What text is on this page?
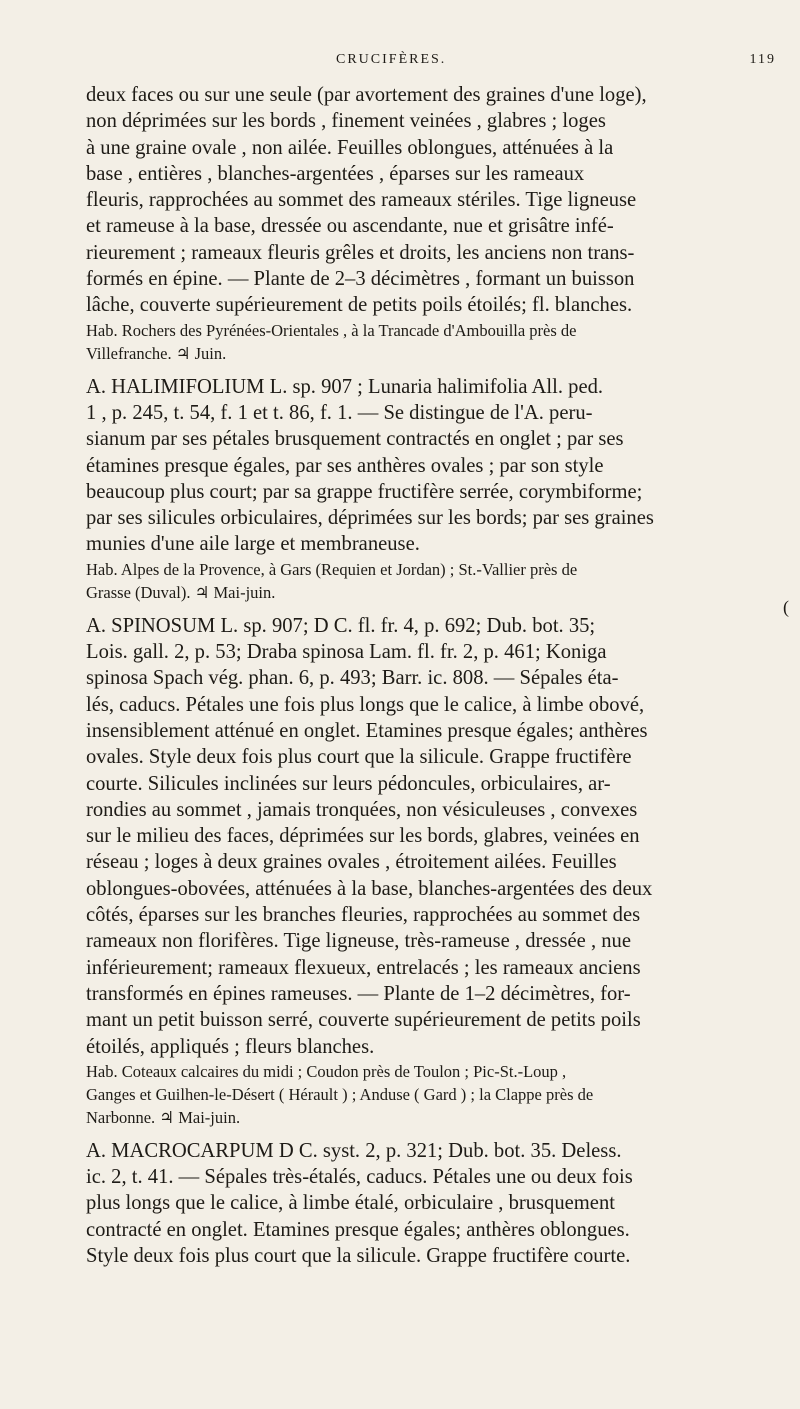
CRUCIFÈRES.	119
(
deux faces ou sur une seule (par avortement des graines d'une loge),
non déprimées sur les bords , finement veinées , glabres ; loges
à une graine ovale , non ailée. Feuilles oblongues, atténuées à la
base , entières , blanches-argentées , éparses sur les rameaux
fleuris, rapprochées au sommet des rameaux stériles. Tige ligneuse
et rameuse à la base, dressée ou ascendante, nue et grisâtre infé-
rieurement ; rameaux fleuris grêles et droits, les anciens non trans-
formés en épine. — Plante de 2–3 décimètres , formant un buisson
lâche, couverte supérieurement de petits poils étoilés; fl. blanches.
Hab. Rochers des Pyrénées-Orientales , à la Trancade d'Ambouilla près de
Villefranche. ♃ Juin.
A. HALIMIFOLIUM L. sp. 907 ; Lunaria halimifolia All. ped.
1 , p. 245, t. 54, f. 1 et t. 86, f. 1. — Se distingue de l'A. peru-
sianum par ses pétales brusquement contractés en onglet ; par ses
étamines presque égales, par ses anthères ovales ; par son style
beaucoup plus court; par sa grappe fructifère serrée, corymbiforme;
par ses silicules orbiculaires, déprimées sur les bords; par ses graines
munies d'une aile large et membraneuse.
Hab. Alpes de la Provence, à Gars (Requien et Jordan) ; St.-Vallier près de
Grasse (Duval). ♃ Mai-juin.
A. SPINOSUM L. sp. 907; D C. fl. fr. 4, p. 692; Dub. bot. 35;
Lois. gall. 2, p. 53; Draba spinosa Lam. fl. fr. 2, p. 461; Koniga
spinosa Spach vég. phan. 6, p. 493; Barr. ic. 808. — Sépales éta-
lés, caducs. Pétales une fois plus longs que le calice, à limbe obové,
insensiblement atténué en onglet. Etamines presque égales; anthères
ovales. Style deux fois plus court que la silicule. Grappe fructifère
courte. Silicules inclinées sur leurs pédoncules, orbiculaires, ar-
rondies au sommet , jamais tronquées, non vésiculeuses , convexes
sur le milieu des faces, déprimées sur les bords, glabres, veinées en
réseau ; loges à deux graines ovales , étroitement ailées. Feuilles
oblongues-obovées, atténuées à la base, blanches-argentées des deux
côtés, éparses sur les branches fleuries, rapprochées au sommet des
rameaux non florifères. Tige ligneuse, très-rameuse , dressée , nue
inférieurement; rameaux flexueux, entrelacés ; les rameaux anciens
transformés en épines rameuses. — Plante de 1–2 décimètres, for-
mant un petit buisson serré, couverte supérieurement de petits poils
étoilés, appliqués ; fleurs blanches.
Hab. Coteaux calcaires du midi ; Coudon près de Toulon ; Pic-St.-Loup ,
Ganges et Guilhen-le-Désert ( Hérault ) ; Anduse ( Gard ) ; la Clappe près de
Narbonne. ♃ Mai-juin.
A. MACROCARPUM D C. syst. 2, p. 321; Dub. bot. 35. Deless.
ic. 2, t. 41. — Sépales très-étalés, caducs. Pétales une ou deux fois
plus longs que le calice, à limbe étalé, orbiculaire , brusquement
contracté en onglet. Etamines presque égales; anthères oblongues.
Style deux fois plus court que la silicule. Grappe fructifère courte.
